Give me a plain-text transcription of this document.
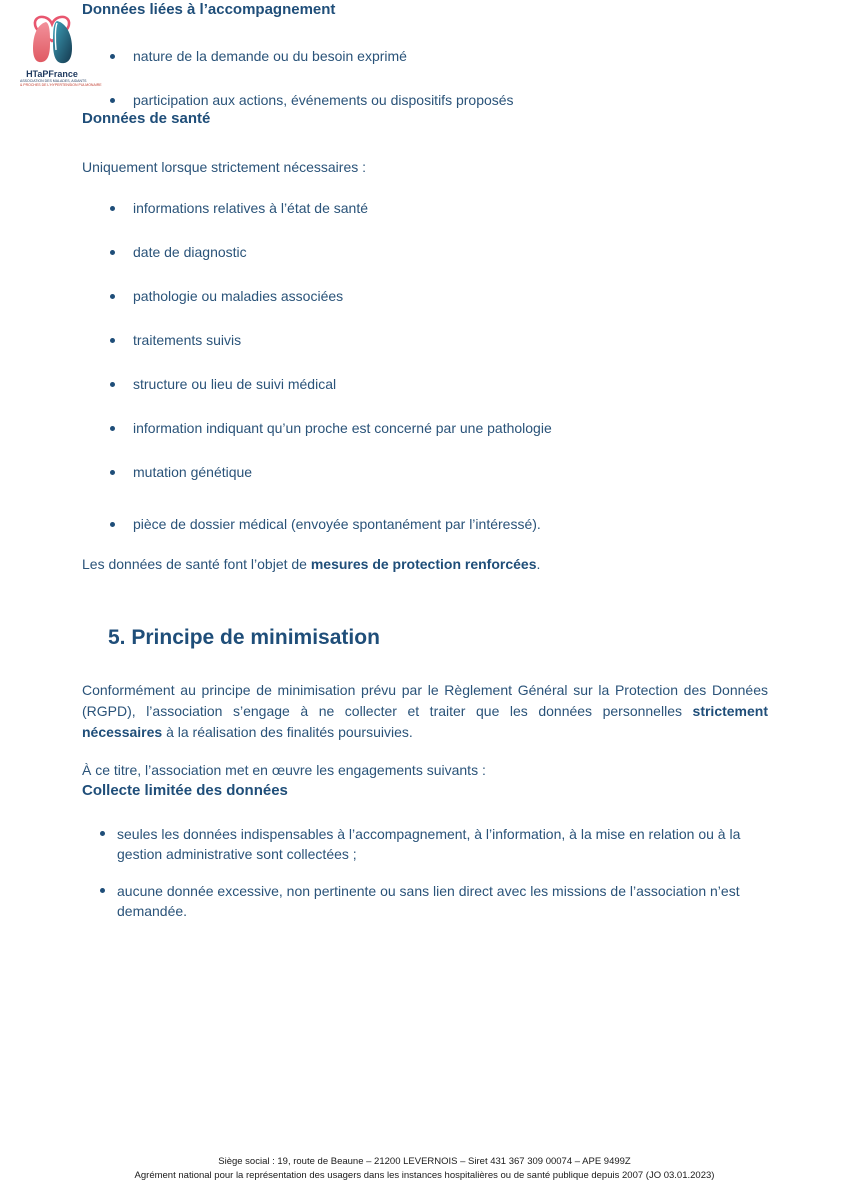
HTaPFrance
ASSOCIATION DES MALADES, AIDANTS
& PROCHES DE L’HYPERTENSION PULMONAIRE
Données liées à l’accompagnement
nature de la demande ou du besoin exprimé
participation aux actions, événements ou dispositifs proposés
Données de santé

Uniquement lorsque strictement nécessaires :

informations relatives à l’état de santé
date de diagnostic
pathologie ou maladies associées
traitements suivis
structure ou lieu de suivi médical
information indiquant qu’un proche est concerné par une pathologie
mutation génétique
pièce de dossier médical (envoyée spontanément par l’intéressé).

Les données de santé font l’objet de mesures de protection renforcées.

5. Principe de minimisation

Conformément au principe de minimisation prévu par le Règlement Général sur la Protection des Données (RGPD), l’association s’engage à ne collecter et traiter que les données personnelles strictement nécessaires à la réalisation des finalités poursuivies.

À ce titre, l’association met en œuvre les engagements suivants :

Collecte limitée des données
seules les données indispensables à l’accompagnement, à l’information, à la mise en relation ou à la gestion administrative sont collectées ;
aucune donnée excessive, non pertinente ou sans lien direct avec les missions de l’association n’est demandée.
Siège social : 19, route de Beaune – 21200 LEVERNOIS – Siret 431 367 309 00074 – APE 9499Z
Agrément national pour la représentation des usagers dans les instances hospitalières ou de santé publique depuis 2007 (JO 03.01.2023)
